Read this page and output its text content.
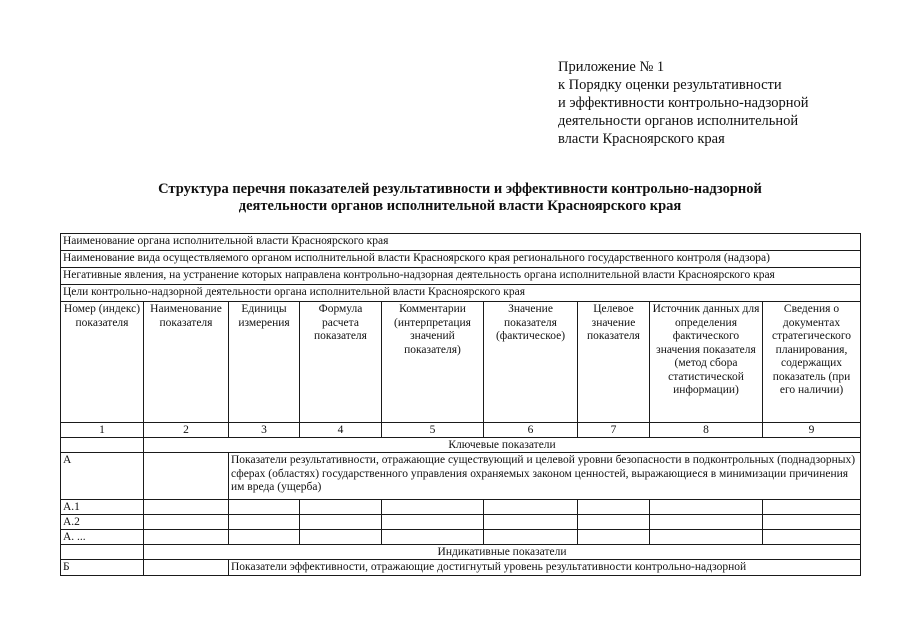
Приложение № 1
к Порядку оценки результативности
и эффективности контрольно-надзорной
деятельности органов исполнительной
власти Красноярского края
Структура перечня показателей результативности и эффективности контрольно-надзорной
деятельности органов исполнительной власти Красноярского края
Наименование органа исполнительной власти Красноярского края								
Наименование вида осуществляемого органом исполнительной власти Красноярского края регионального государственного контроля (надзора)								
Негативные явления, на устранение которых направлена контрольно-надзорная деятельность органа исполнительной власти Красноярского края								
Цели контрольно-надзорной деятельности органа исполнительной власти Красноярского края								
Номер (индекс) показателя	Наименование показателя	Единицы измерения	Формула расчета показателя	Комментарии (интерпретация значений показателя)	Значение показателя (фактическое)	Целевое значение показателя	Источник данных для определения фактического значения показателя (метод сбора статистической информации)	Сведения о документах стратегического планирования, содержащих показатель (при его наличии)
1	2	3	4	5	6	7	8	9
	Ключевые показатели							
А		Показатели результативности, отражающие существующий и целевой уровни безопасности в подконтрольных (поднадзорных) сферах (областях) государственного управления охраняемых законом ценностей, выражающиеся в минимизации причинения им вреда (ущерба)						
А.1								
А.2								
А. ...								
	Индикативные показатели							
Б		Показатели эффективности, отражающие достигнутый уровень результативности контрольно-надзорной						
